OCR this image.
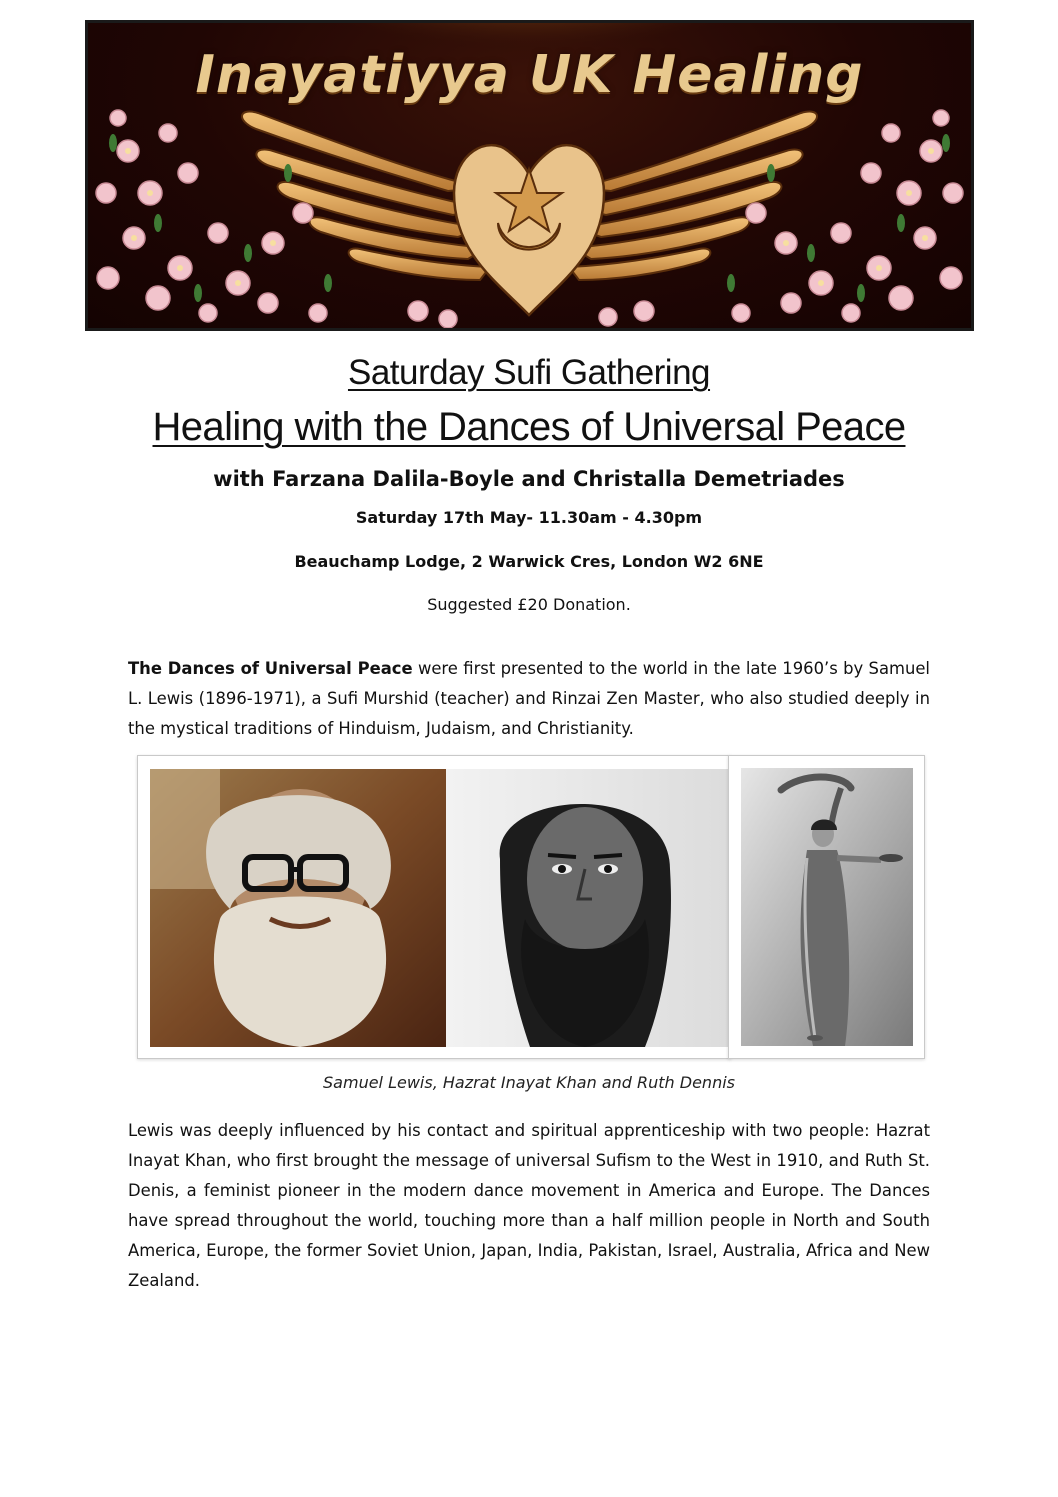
Inayatiyya UK Healing
Saturday Sufi Gathering
Healing with the Dances of Universal Peace
with Farzana Dalila-Boyle and Christalla Demetriades
Saturday 17th May- 11.30am - 4.30pm
Beauchamp Lodge, 2 Warwick Cres, London W2 6NE
Suggested £20 Donation.
The Dances of Universal Peace were first presented to the world in the late 1960’s by Samuel L. Lewis (1896-1971), a Sufi Murshid (teacher) and Rinzai Zen Master, who also studied deeply in the mystical traditions of Hinduism, Judaism, and Christianity.
Samuel Lewis, Hazrat Inayat Khan and Ruth Dennis
Lewis was deeply influenced by his contact and spiritual apprenticeship with two people: Hazrat Inayat Khan, who first brought the message of universal Sufism to the West in 1910, and Ruth St. Denis, a feminist pioneer in the modern dance movement in America and Europe. The Dances have spread throughout the world, touching more than a half million people in North and South America, Europe, the former Soviet Union, Japan, India, Pakistan, Israel, Australia, Africa and New Zealand.
